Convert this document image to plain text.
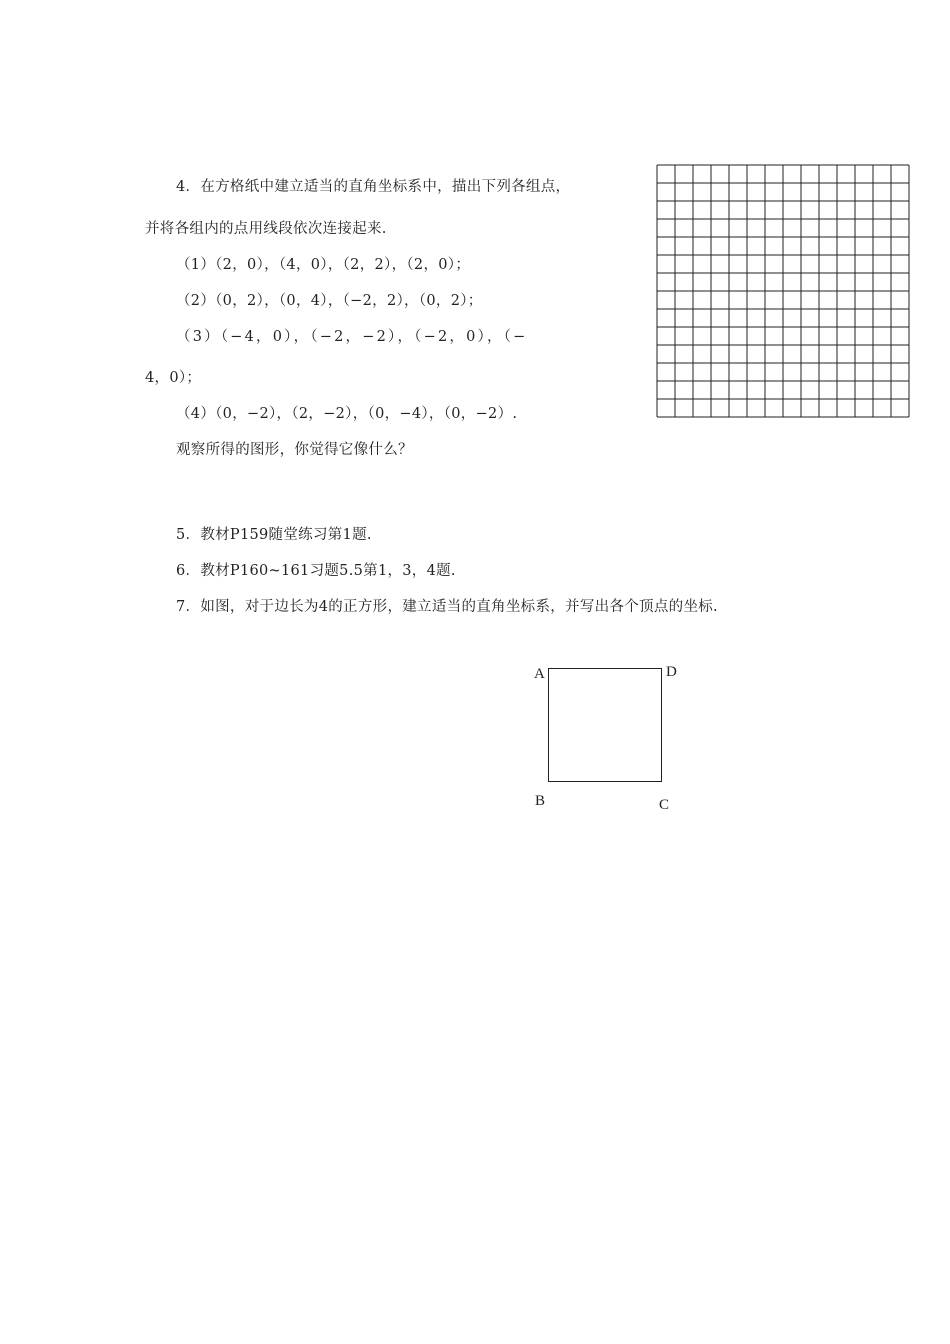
4．在方格纸中建立适当的直角坐标系中，描出下列各组点，
并将各组内的点用线段依次连接起来.
（1）（2，0），（4，0），（2，2），（2，0）；
（2）（0，2），（0，4），（−2，2），（0，2）；
（3）（−4，0），（−2，−2），（−2，0），（−
4，0）；
（4）（0，−2），（2，−2），（0，−4），（0，−2）.
观察所得的图形，你觉得它像什么？
5．教材P159随堂练习第1题.
6．教材P160~161习题5.5第1，3，4题.
7．如图，对于边长为4的正方形，建立适当的直角坐标系，并写出各个顶点的坐标.
A	D
B	C
